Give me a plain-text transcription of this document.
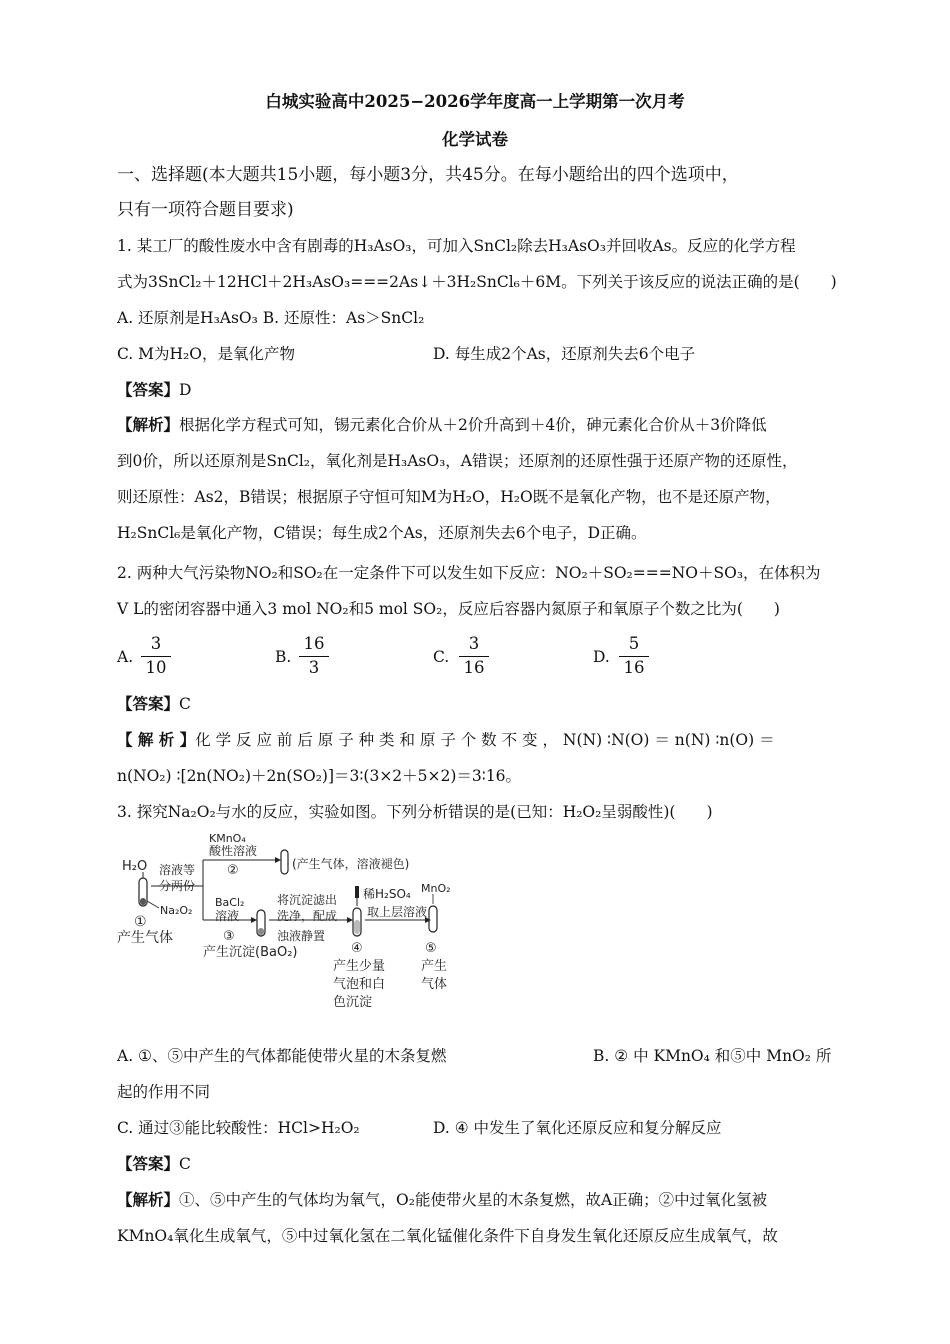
白城实验高中2025−2026学年度高一上学期第一次月考
化学试卷
一、选择题(本大题共15小题，每小题3分，共45分。在每小题给出的四个选项中，
只有一项符合题目要求)
1. 某工厂的酸性废水中含有剧毒的H₃AsO₃，可加入SnCl₂除去H₃AsO₃并回收As。反应的化学方程
式为3SnCl₂＋12HCl＋2H₃AsO₃===2As↓＋3H₂SnCl₆＋6M。下列关于该反应的说法正确的是(　　)
A. 还原剂是H₃AsO₃ B. 还原性：As＞SnCl₂
C. M为H₂O，是氧化产物	D. 每生成2个As，还原剂失去6个电子
【答案】D
【解析】根据化学方程式可知，锡元素化合价从＋2价升高到＋4价，砷元素化合价从＋3价降低
到0价，所以还原剂是SnCl₂，氧化剂是H₃AsO₃，A错误；还原剂的还原性强于还原产物的还原性，
则还原性：As2，B错误；根据原子守恒可知M为H₂O，H₂O既不是氧化产物，也不是还原产物，
H₂SnCl₆是氧化产物，C错误；每生成2个As，还原剂失去6个电子，D正确。
2. 两种大气污染物NO₂和SO₂在一定条件下可以发生如下反应：NO₂＋SO₂===NO＋SO₃，在体积为
V L的密闭容器中通入3 mol NO₂和5 mol SO₂，反应后容器内氮原子和氧原子个数之比为(　　)
A.
3
10
B.
16
3
C.
3
16
D.
5
16
【答案】C
【 解 析 】化 学 反 应 前 后 原 子 种 类 和 原 子 个 数 不 变 ， N(N) ∶N(O) ＝ n(N) ∶n(O) ＝
n(NO₂) ∶[2n(NO₂)＋2n(SO₂)]＝3∶(3×2＋5×2)＝3∶16。
3. 探究Na₂O₂与水的反应，实验如图。下列分析错误的是(已知：H₂O₂呈弱酸性)(　　)
H₂O
Na₂O₂
①
产生气体
溶液等
分两份
KMnO₄
酸性溶液
②	(产生气体，溶液褪色)
BaCl₂
溶液
③
产生沉淀(BaO₂)
将沉淀滤出
洗净，配成
浊液静置
稀H₂SO₄
④
产生少量
气泡和白
色沉淀
取上层溶液
MnO₂
⑤
产生
气体
A. ①、⑤中产生的气体都能使带火星的木条复燃	B. ② 中 KMnO₄ 和⑤中 MnO₂ 所
起的作用不同
C. 通过③能比较酸性：HCl>H₂O₂	D. ④ 中发生了氧化还原反应和复分解反应
【答案】C
【解析】①、⑤中产生的气体均为氧气，O₂能使带火星的木条复燃，故A正确；②中过氧化氢被
KMnO₄氧化生成氧气，⑤中过氧化氢在二氧化锰催化条件下自身发生氧化还原反应生成氧气，故
